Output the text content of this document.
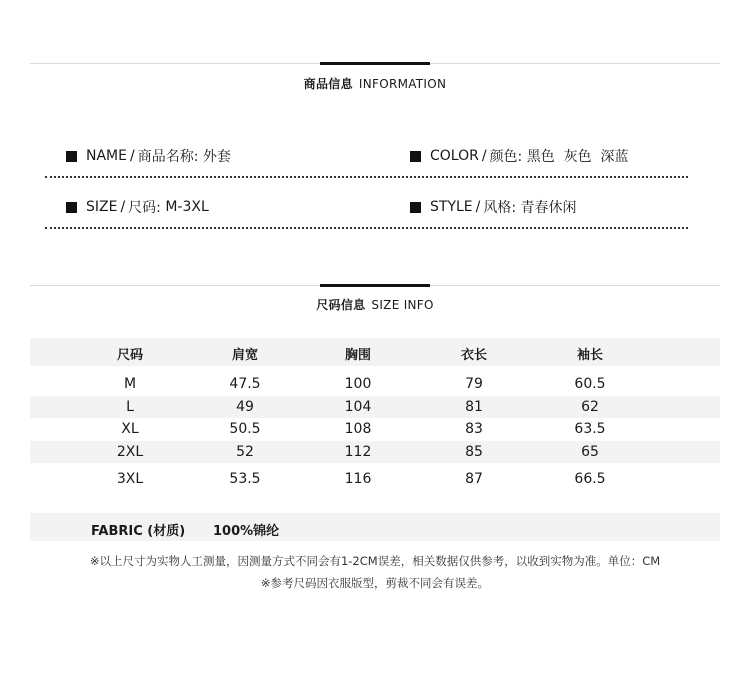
商品信息 INFORMATION
NAME / 商品名称:
外套	COLOR / 颜色:
黑色  灰色  深蓝
SIZE / 尺码:
M-3XL	STYLE / 风格:
青春休闲
尺码信息 SIZE INFO
尺码	肩宽	胸围	衣长	袖长
M	47.5	100	79	60.5
L	49	104	81	62
XL	50.5	108	83	63.5
2XL	52	112	85	65
3XL	53.5	116	87	66.5
FABRIC (材质) 100%锦纶
※以上尺寸为实物人工测量，因测量方式不同会有1-2CM误差，相关数据仅供参考，以收到实物为准。单位：CM
※参考尺码因衣服版型，剪裁不同会有误差。
